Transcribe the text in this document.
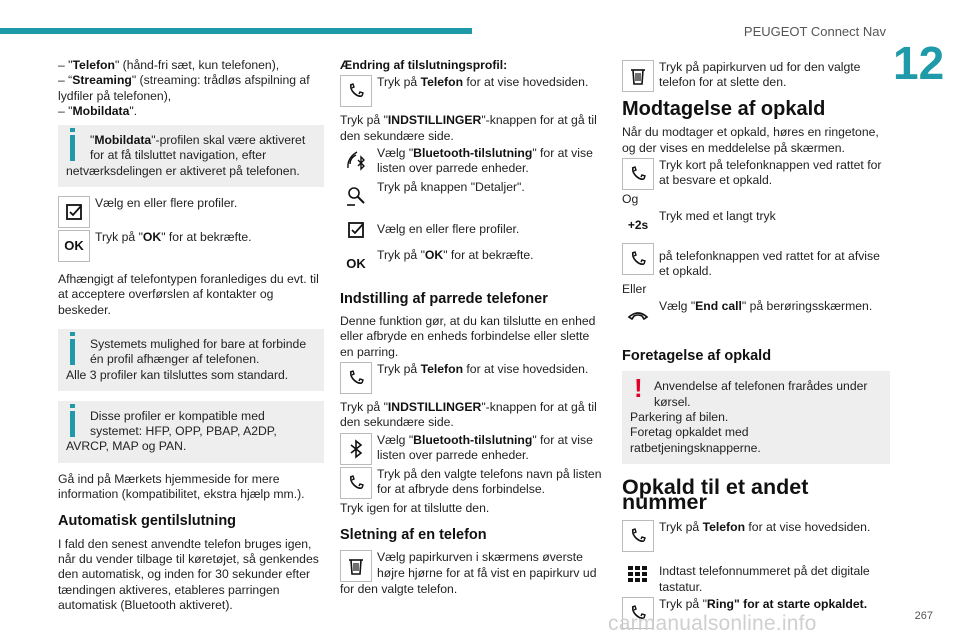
PEUGEOT Connect Nav
12

– "Telefon" (hånd-fri sæt, kun telefonen),

– “Streaming" (streaming: trådløs afspilning af lydfiler på telefonen),

– "Mobildata".

"Mobildata"-profilen skal være aktiveret for at få tilsluttet navigation, efter

netværksdelingen er aktiveret på telefonen.

Vælg en eller flere profiler.

OK

Tryk på "OK" for at bekræfte.

Afhængigt af telefontypen foranlediges du evt. til at acceptere overførslen af kontakter og beskeder.

Systemets mulighed for bare at forbinde én profil afhænger af telefonen.

Alle 3 profiler kan tilsluttes som standard.

Disse profiler er kompatible med systemet: HFP, OPP, PBAP, A2DP,

AVRCP, MAP og PAN.

Gå ind på Mærkets hjemmeside for mere information (kompatibilitet, ekstra hjælp mm.).

Automatisk gentilslutning

I fald den senest anvendte telefon bruges igen, når du vender tilbage til køretøjet, så genkendes den automatisk, og inden for 30 sekunder efter tændingen aktiveres, etableres parringen automatisk (Bluetooth aktiveret).

Ændring af tilslutningsprofil:

Tryk på Telefon for at vise hovedsiden.

Tryk på "INDSTILLINGER"-knappen for at gå til den sekundære side.

Vælg "Bluetooth-tilslutning" for at vise listen over parrede enheder.

Tryk på knappen "Detaljer".

Vælg en eller flere profiler.

OK

Tryk på "OK" for at bekræfte.

Indstilling af parrede telefoner

Denne funktion gør, at du kan tilslutte en enhed eller afbryde en enheds forbindelse eller slette en parring.

Tryk på Telefon for at vise hovedsiden.

Tryk på "INDSTILLINGER"-knappen for at gå til den sekundære side.

Vælg "Bluetooth-tilslutning" for at vise listen over parrede enheder.

Tryk på den valgte telefons navn på listen for at afbryde dens forbindelse.

Tryk igen for at tilslutte den.

Sletning af en telefon

Vælg papirkurven i skærmens øverste højre hjørne for at få vist en papirkurv ud

for den valgte telefon.

Tryk på papirkurven ud for den valgte telefon for at slette den.

Modtagelse af opkald

Når du modtager et opkald, høres en ringetone, og der vises en meddelelse på skærmen.

Tryk kort på telefonknappen ved rattet for at besvare et opkald.

Og

+2s

Tryk med et langt tryk

på telefonknappen ved rattet for at afvise et opkald.

Eller

Vælg "End call" på berøringsskærmen.

Foretagelse af opkald
! Anvendelse af telefonen frarådes under kørsel.

Parkering af bilen.

Foretag opkaldet med ratbetjeningsknapperne.

Opkald til et andet nummer

Tryk på Telefon for at vise hovedsiden.

Indtast telefonnummeret på det digitale tastatur.

Tryk på "Ring" for at starte opkaldet.

carmanualsonline.info	267
